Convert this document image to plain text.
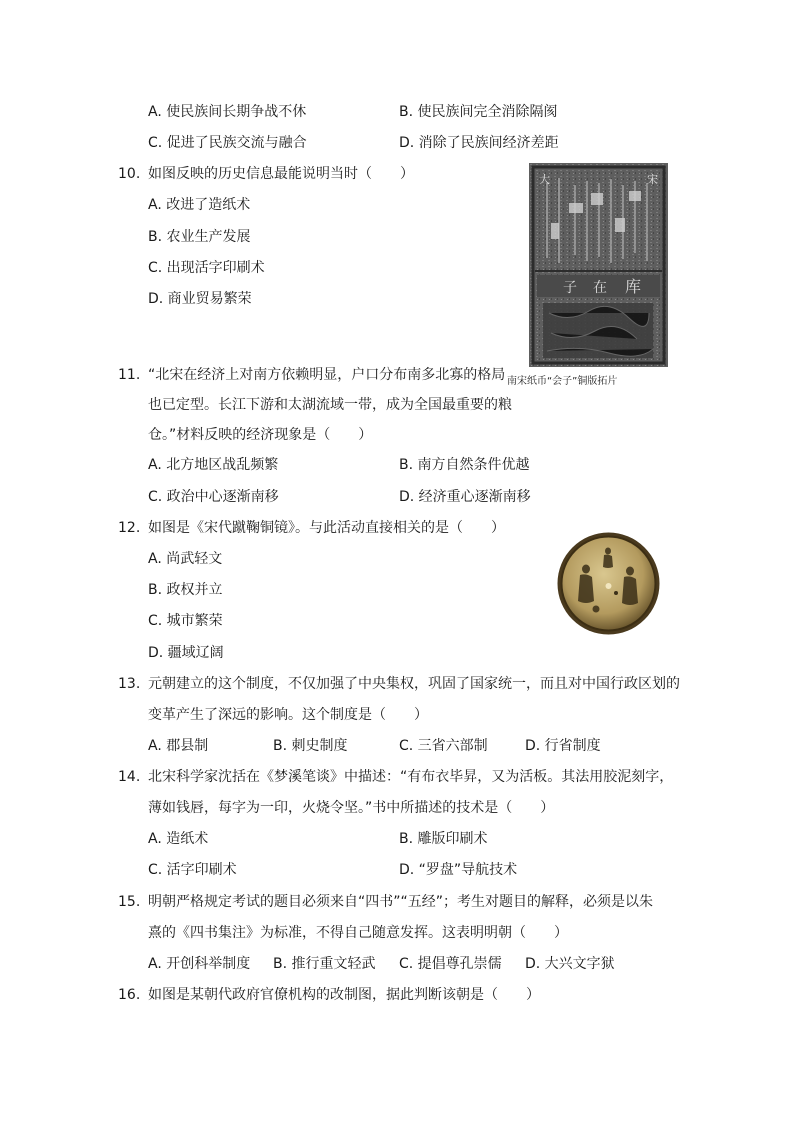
A. 使民族间长期争战不休	B. 使民族间完全消除隔阂
C. 促进了民族交流与融合	D. 消除了民族间经济差距
10. 如图反映的历史信息最能说明当时（　　）
A. 改进了造纸术
B. 农业生产发展
C. 出现活字印刷术
D. 商业贸易繁荣
库
在
子
大	宋
南宋纸币“会子”铜版拓片
11. “北宋在经济上对南方依赖明显，户口分布南多北寡的格局
也已定型。长江下游和太湖流域一带，成为全国最重要的粮
仓。”材料反映的经济现象是（　　）
A. 北方地区战乱频繁	B. 南方自然条件优越
C. 政治中心逐渐南移	D. 经济重心逐渐南移
12. 如图是《宋代蹴鞠铜镜》。与此活动直接相关的是（　　）
A. 尚武轻文
B. 政权并立
C. 城市繁荣
D. 疆域辽阔
13. 元朝建立的这个制度，不仅加强了中央集权，巩固了国家统一，而且对中国行政区划的
变革产生了深远的影响。这个制度是（　　）
A. 郡县制	B. 刺史制度	C. 三省六部制	D. 行省制度
14. 北宋科学家沈括在《梦溪笔谈》中描述：“有布衣毕昇，又为活板。其法用胶泥刻字，
薄如钱唇，每字为一印，火烧令坚。”书中所描述的技术是（　　）
A. 造纸术	B. 雕版印刷术
C. 活字印刷术	D. “罗盘”导航技术
15. 明朝严格规定考试的题目必须来自“四书”“五经”；考生对题目的解释，必须是以朱
熹的《四书集注》为标准，不得自己随意发挥。这表明明朝（　　）
A. 开创科举制度 B. 推行重文轻武 C. 提倡尊孔崇儒 D. 大兴文字狱
16. 如图是某朝代政府官僚机构的改制图，据此判断该朝是（　　）
